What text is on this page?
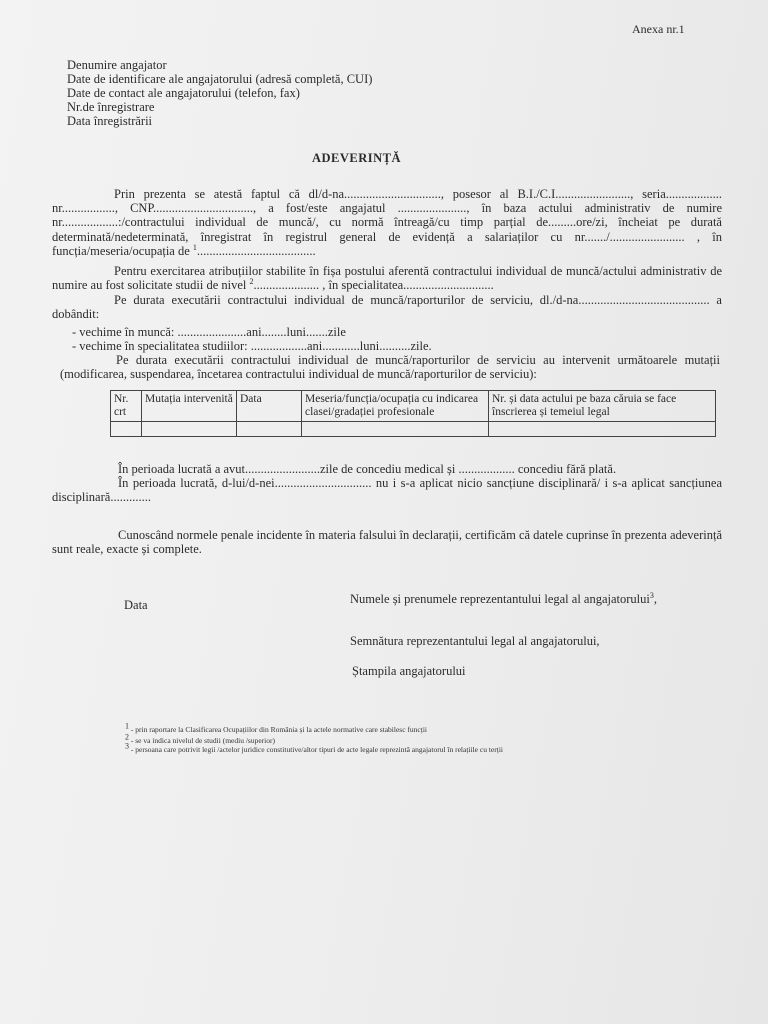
Anexa nr.1
Denumire angajator
Date de identificare ale angajatorului (adresă completă, CUI)
Date de contact ale angajatorului (telefon, fax)
Nr.de înregistrare
Data înregistrării
ADEVERINȚĂ
Prin prezenta se atestă faptul că dl/d-na..............................., posesor al B.I./C.I........................, seria.................. nr................., CNP................................, a fost/este angajatul ......................, în baza actului administrativ de numire nr..................:/contractului individual de muncă/, cu normă întreagă/cu timp parțial de.........ore/zi, încheiat pe durată determinată/nedeterminată, înregistrat în registrul general de evidență a salariaților cu nr......./........................ , în funcția/meseria/ocupația de $^1$......................................
Pentru exercitarea atribuțiilor stabilite în fișa postului aferentă contractului individual de muncă/actului administrativ de numire au fost solicitate studii de nivel $^2$..................... , în specialitatea.............................
Pe durata executării contractului individual de muncă/raporturilor de serviciu, dl./d-na.......................................... a dobândit:
- vechime în muncă: ......................ani........luni.......zile
- vechime în specialitatea studiilor: ..................ani............luni..........zile.
Pe durata executării contractului individual de muncă/raporturilor de serviciu au intervenit următoarele mutații (modificarea, suspendarea, încetarea contractului individual de muncă/raporturilor de serviciu):
Nr. crt	Mutația intervenită	Data	Meseria/funcția/ocupația cu indicarea clasei/gradației profesionale	Nr. și data actului pe baza căruia se face înscrierea și temeiul legal

În perioada lucrată a avut........................zile de concediu medical și .................. concediu fără plată.
În perioada lucrată, d-lui/d-nei............................... nu i s-a aplicat nicio sancțiune disciplinară/ i s-a aplicat sancțiunea disciplinară.............
Cunoscând normele penale incidente în materia falsului în declarații, certificăm că datele cuprinse în prezenta adeverință sunt reale, exacte și complete.
Data	Numele și prenumele reprezentantului legal al angajatorului$^3$,
Semnătura reprezentantului legal al angajatorului,
Ștampila angajatorului
$^1$ - prin raportare la Clasificarea Ocupațiilor din România și la actele normative care stabilesc funcții
$^2$ - se va indica nivelul de studii (mediu /superior)
$^3$ - persoana care potrivit legii /actelor juridice constitutive/altor tipuri de acte legale reprezintă angajatorul în relațiile cu terții
